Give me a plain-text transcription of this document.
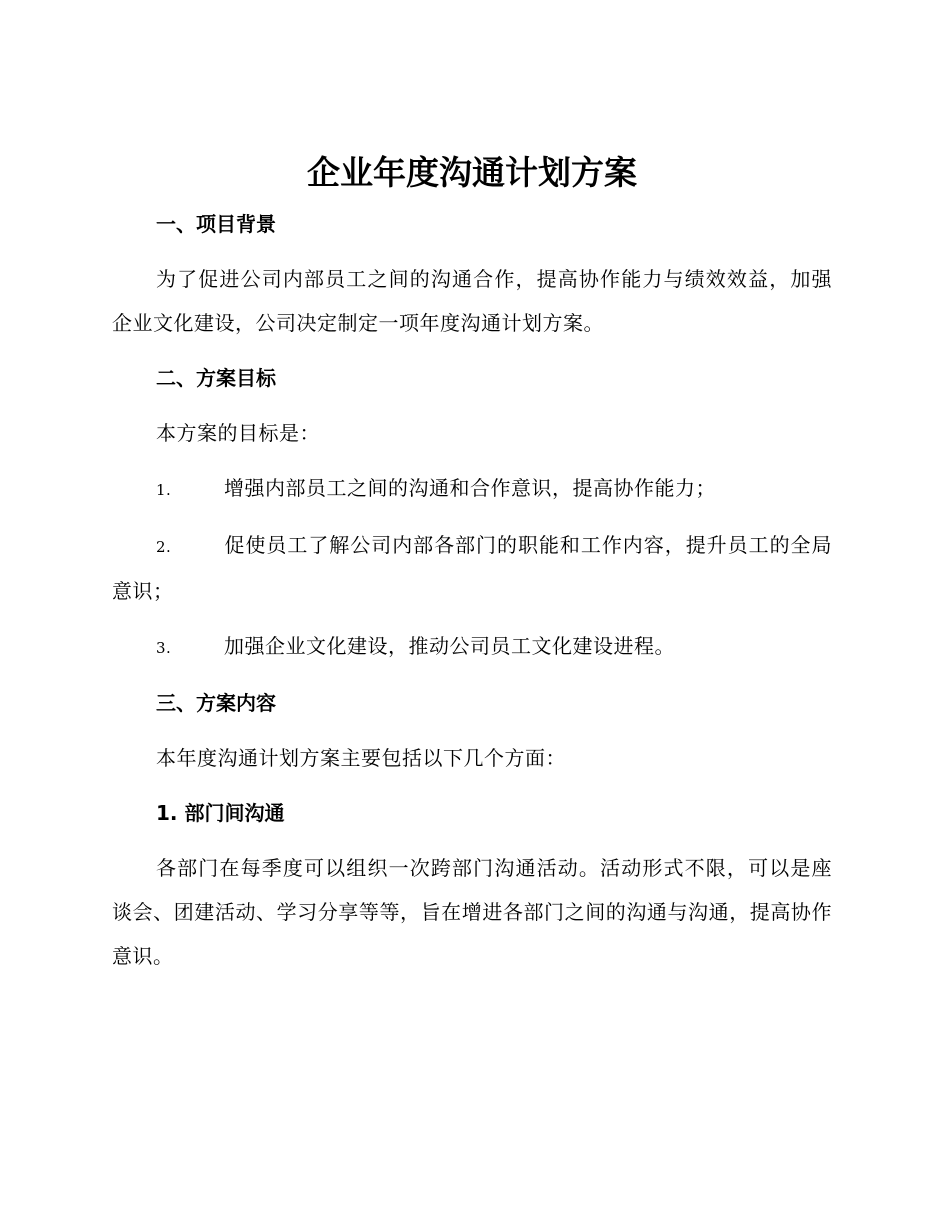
企业年度沟通计划方案
一、项目背景

为了促进公司内部员工之间的沟通合作，提高协作能力与绩效效益，加强企业文化建设，公司决定制定一项年度沟通计划方案。

二、方案目标

本方案的目标是：

1.	增强内部员工之间的沟通和合作意识，提高协作能力；

2.	促使员工了解公司内部各部门的职能和工作内容，提升员工的全局意识；

3.	加强企业文化建设，推动公司员工文化建设进程。

三、方案内容

本年度沟通计划方案主要包括以下几个方面：

1. 部门间沟通

各部门在每季度可以组织一次跨部门沟通活动。活动形式不限，可以是座谈会、团建活动、学习分享等等，旨在增进各部门之间的沟通与沟通，提高协作意识。
